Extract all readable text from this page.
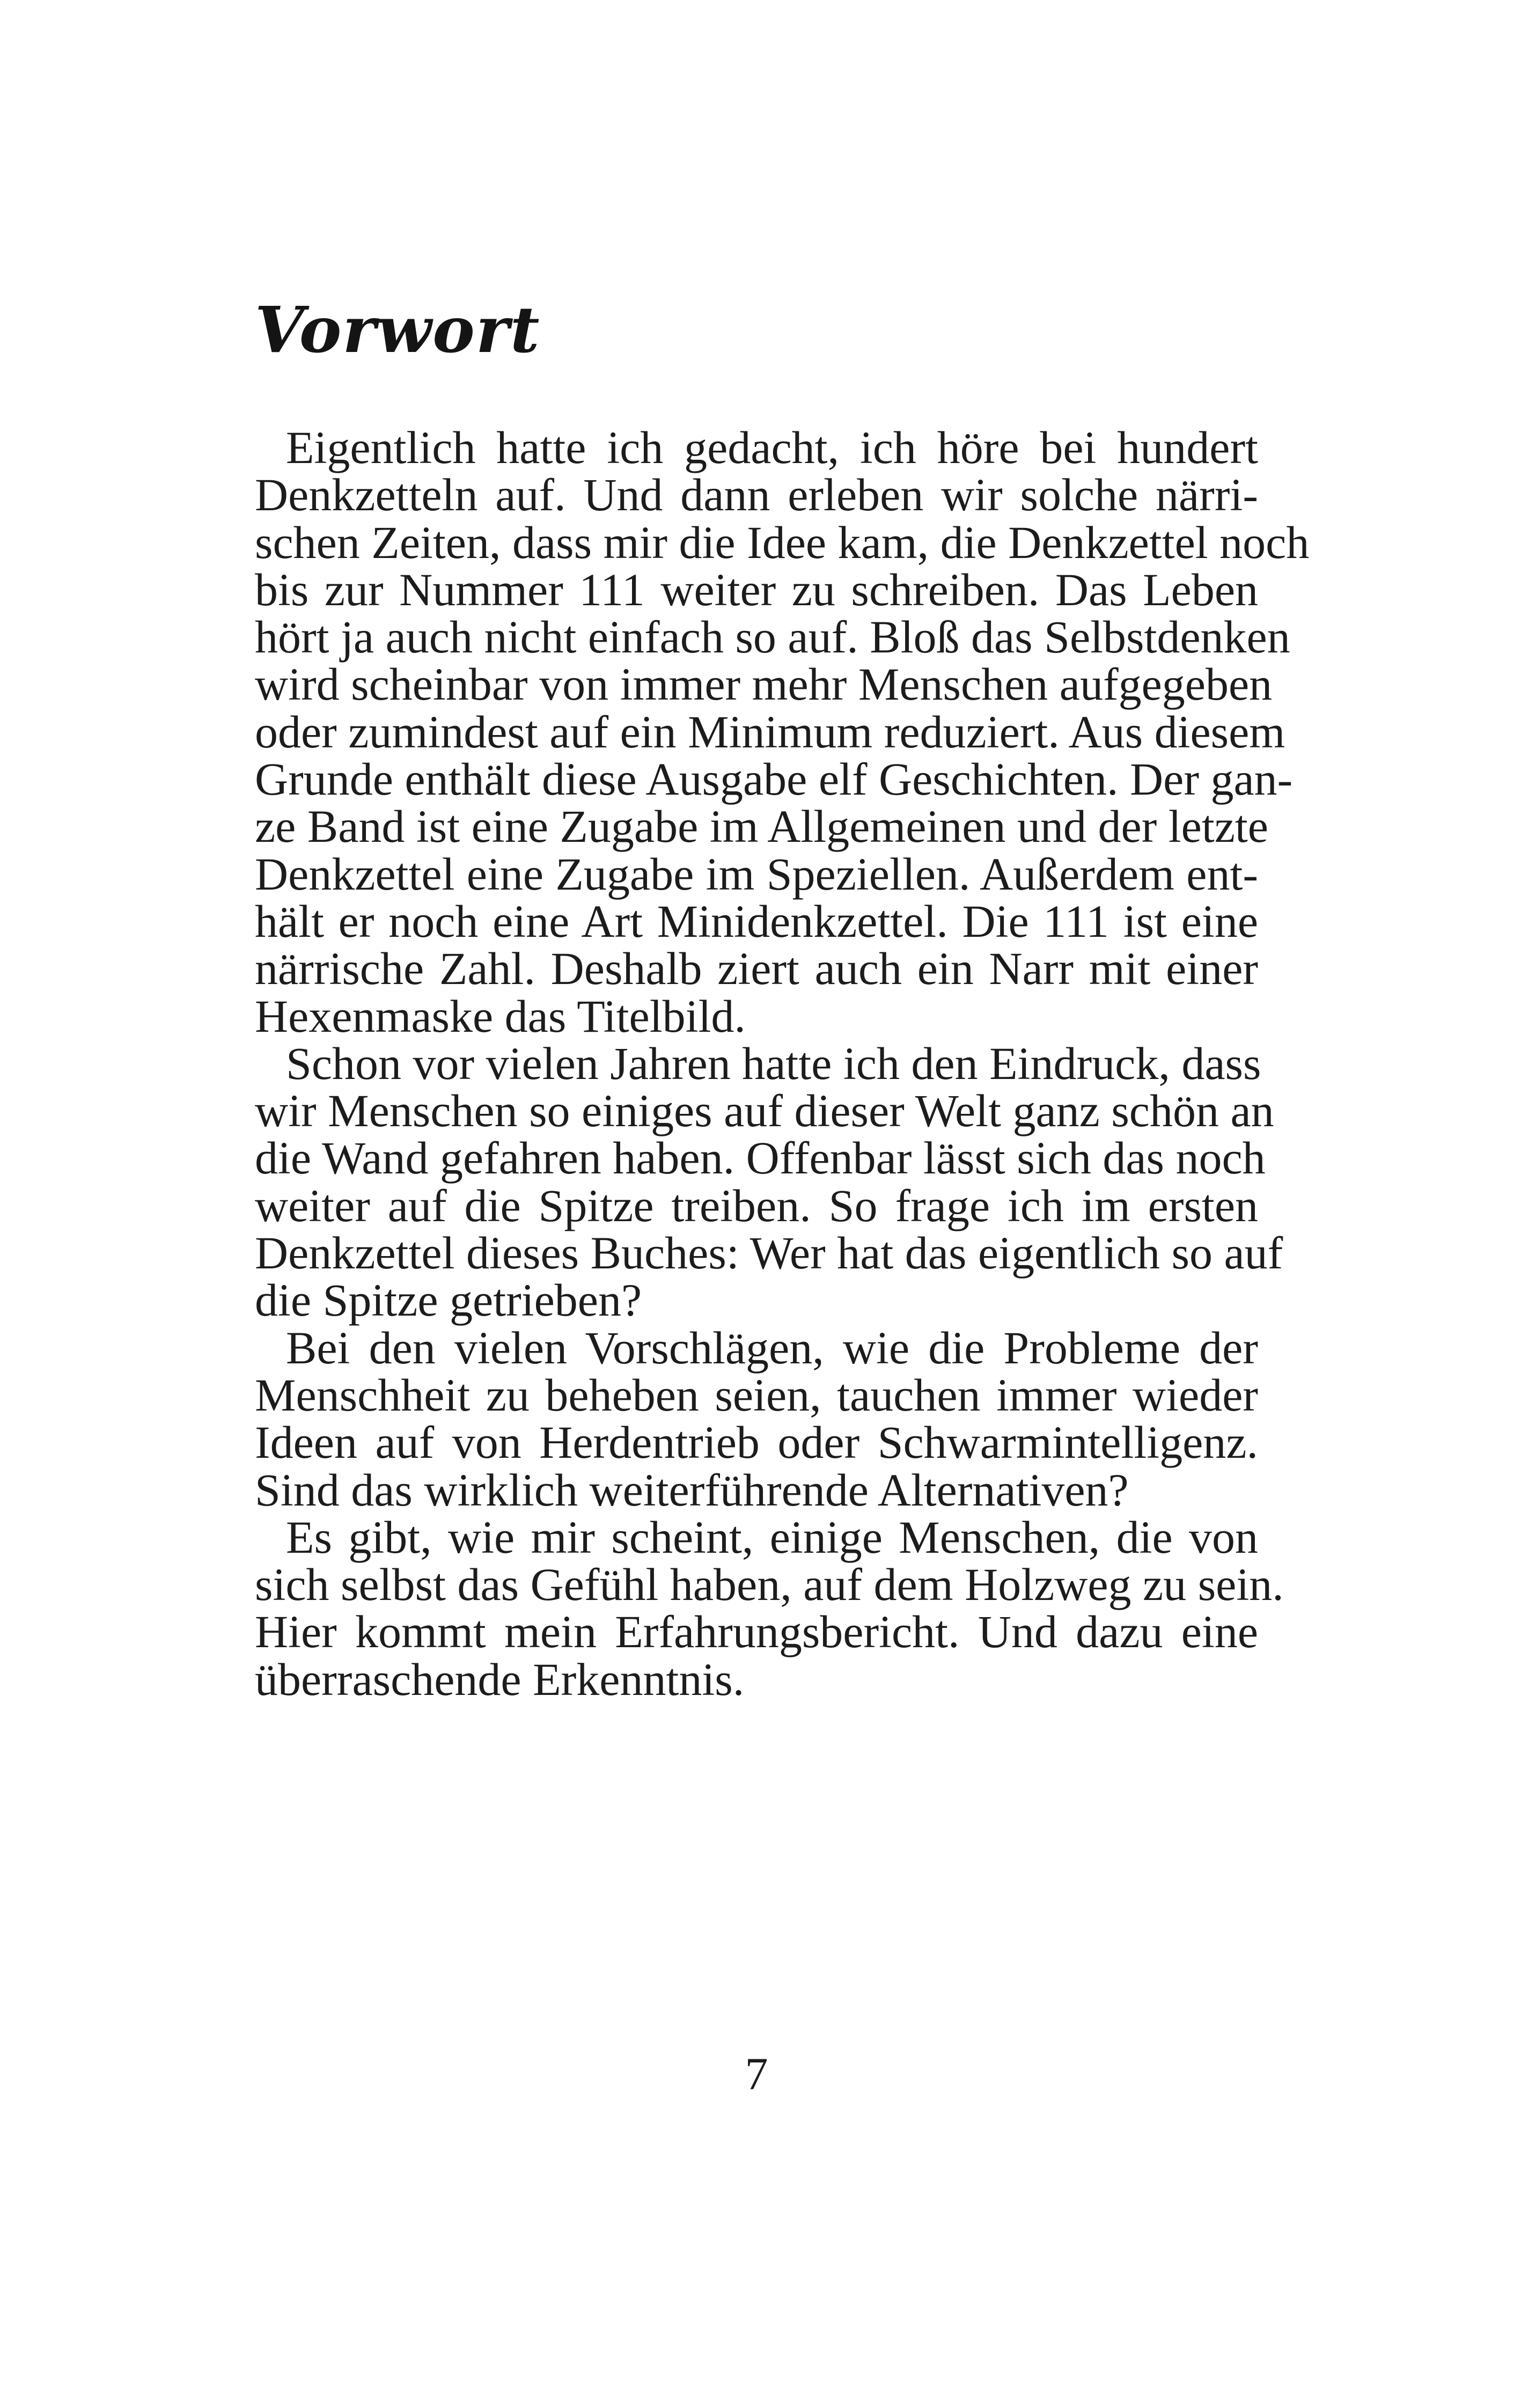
Vorwort
Eigentlich hatte ich gedacht, ich höre bei hundert
Denkzetteln auf. Und dann erleben wir solche närri-
schen Zeiten, dass mir die Idee kam, die Denkzettel noch
bis zur Nummer 111 weiter zu schreiben. Das Leben
hört ja auch nicht einfach so auf. Bloß das Selbstdenken
wird scheinbar von immer mehr Menschen aufgegeben
oder zumindest auf ein Minimum reduziert. Aus diesem
Grunde enthält diese Ausgabe elf Geschichten. Der gan-
ze Band ist eine Zugabe im Allgemeinen und der letzte
Denkzettel eine Zugabe im Speziellen. Außerdem ent-
hält er noch eine Art Minidenkzettel. Die 111 ist eine
närrische Zahl. Deshalb ziert auch ein Narr mit einer
Hexenmaske das Titelbild.
Schon vor vielen Jahren hatte ich den Eindruck, dass
wir Menschen so einiges auf dieser Welt ganz schön an
die Wand gefahren haben. Offenbar lässt sich das noch
weiter auf die Spitze treiben. So frage ich im ersten
Denkzettel dieses Buches: Wer hat das eigentlich so auf
die Spitze getrieben?
Bei den vielen Vorschlägen, wie die Probleme der
Menschheit zu beheben seien, tauchen immer wieder
Ideen auf von Herdentrieb oder Schwarmintelligenz.
Sind das wirklich weiterführende Alternativen?
Es gibt, wie mir scheint, einige Menschen, die von
sich selbst das Gefühl haben, auf dem Holzweg zu sein.
Hier kommt mein Erfahrungsbericht. Und dazu eine
überraschende Erkenntnis.
7
